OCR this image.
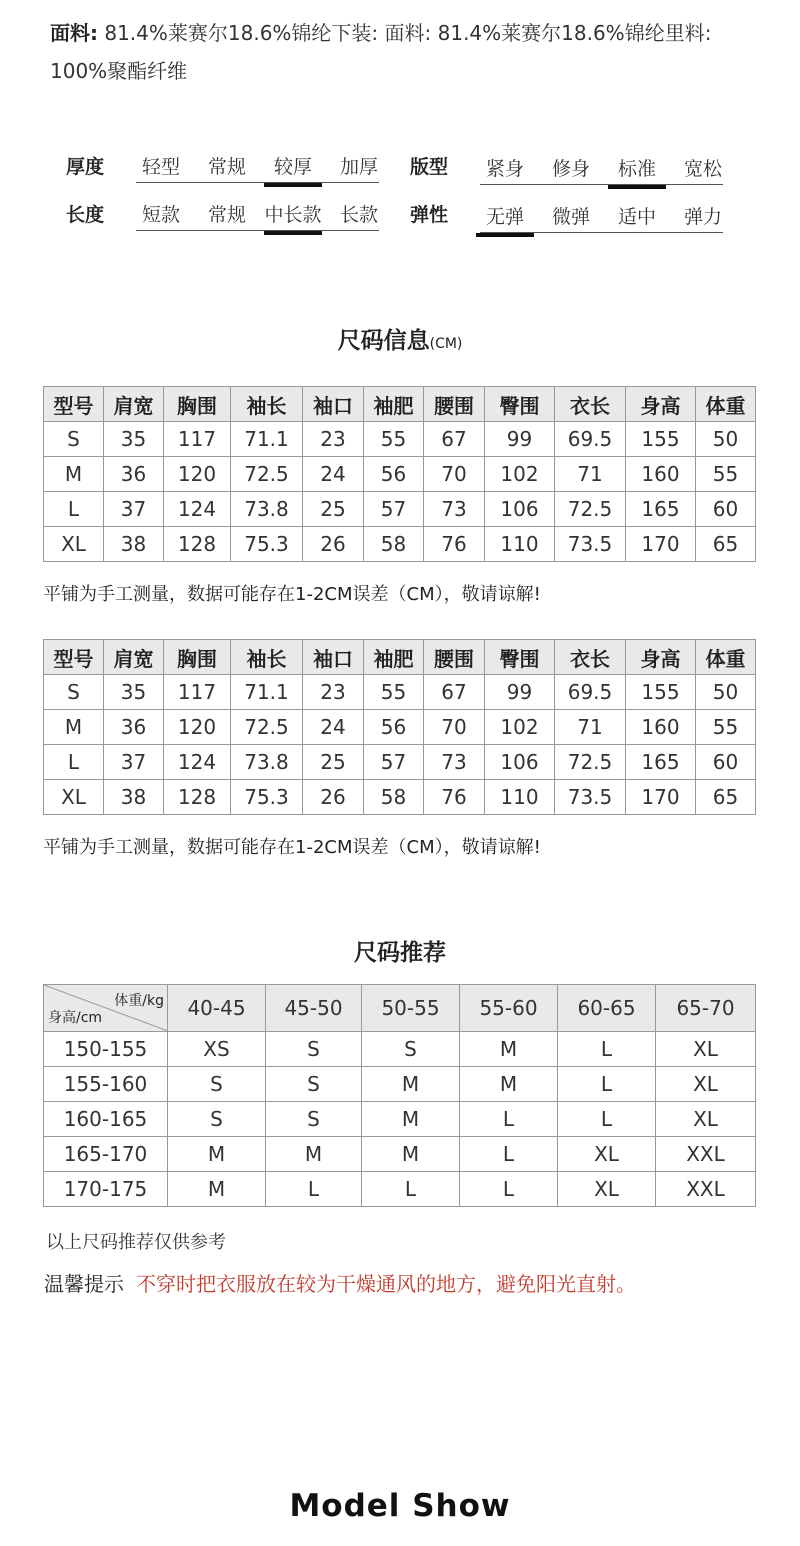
面料: 81.4%莱赛尔18.6%锦纶下装: 面料: 81.4%莱赛尔18.6%锦纶里料: 100%聚酯纤维
厚度	轻型	常规	较厚	加厚
长度	短款	常规 中长款 长款
版型	紧身	修身	标准	宽松
弹性	无弹	微弹	适中	弹力
尺码信息(CM)
型号	肩宽	胸围	袖长	袖口	袖肥	腰围	臀围	衣长	身高	体重
S	35	117	71.1	23	55	67	99	69.5	155	50
M	36	120	72.5	24	56	70	102	71	160	55
L	37	124	73.8	25	57	73	106	72.5	165	60
XL	38	128	75.3	26	58	76	110	73.5	170	65
平铺为手工测量，数据可能存在1-2CM误差（CM），敬请谅解!
型号	肩宽	胸围	袖长	袖口	袖肥	腰围	臀围	衣长	身高	体重
S	35	117	71.1	23	55	67	99	69.5	155	50
M	36	120	72.5	24	56	70	102	71	160	55
L	37	124	73.8	25	57	73	106	72.5	165	60
XL	38	128	75.3	26	58	76	110	73.5	170	65
平铺为手工测量，数据可能存在1-2CM误差（CM），敬请谅解!
尺码推荐
体重/kg
身高/cm	40-45	45-50	50-55	55-60	60-65	65-70
150-155	XS	S	S	M	L	XL
155-160	S	S	M	M	L	XL
160-165	S	S	M	L	L	XL
165-170	M	M	M	L	XL	XXL
170-175	M	L	L	L	XL	XXL
以上尺码推荐仅供参考
温馨提示 不穿时把衣服放在较为干燥通风的地方，避免阳光直射。
Model Show
